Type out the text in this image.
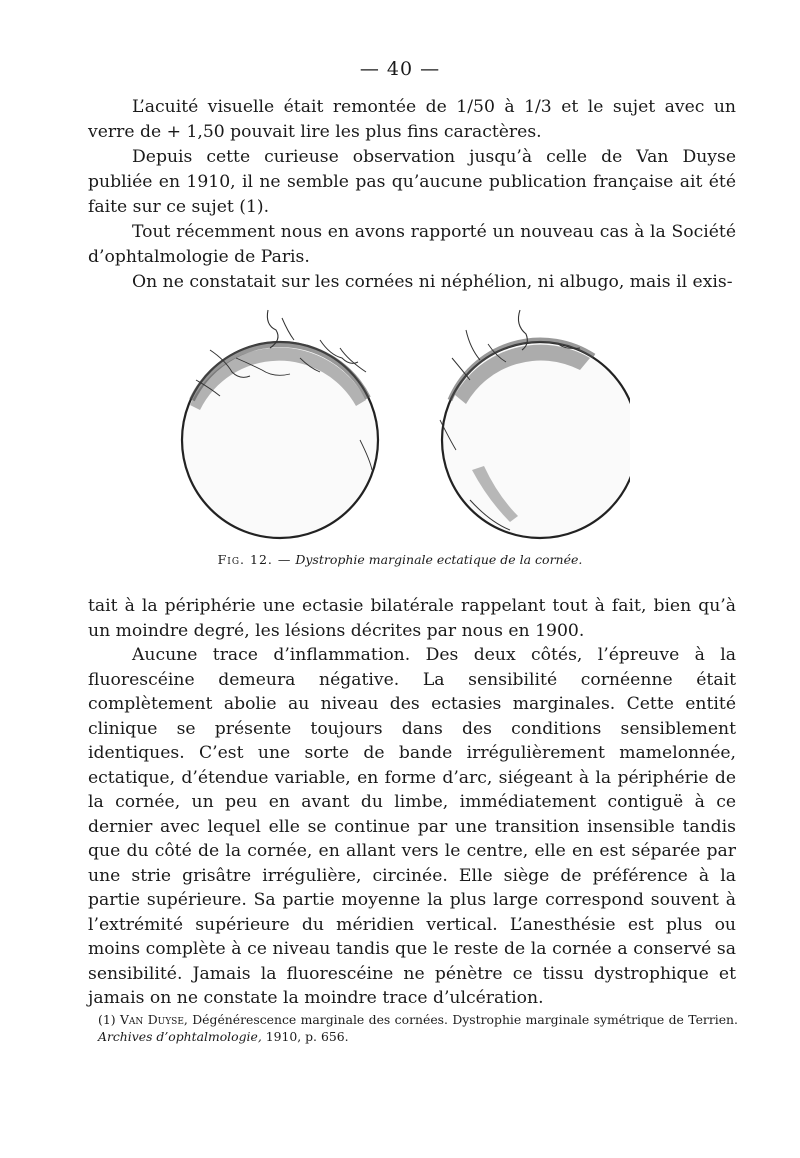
— 40 —

L’acuité visuelle était remontée de 1/50 à 1/3 et le sujet avec un verre de + 1,50 pouvait lire les plus fins caractères.

Depuis cette curieuse observation jusqu’à celle de Van Duyse publiée en 1910, il ne semble pas qu’aucune publication française ait été faite sur ce sujet (1).

Tout récemment nous en avons rapporté un nouveau cas à la Société d’ophtalmologie de Paris.

On ne constatait sur les cornées ni néphélion, ni albugo, mais il exis-

Fig. 12. — Dystrophie marginale ectatique de la cornée.

tait à la périphérie une ectasie bilatérale rappelant tout à fait, bien qu’à un moindre degré, les lésions décrites par nous en 1900.

Aucune trace d’inflammation. Des deux côtés, l’épreuve à la fluorescéine demeura négative. La sensibilité cornéenne était complètement abolie au niveau des ectasies marginales. Cette entité clinique se présente toujours dans des conditions sensiblement identiques. C’est une sorte de bande irrégulièrement mamelonnée, ectatique, d’étendue variable, en forme d’arc, siégeant à la périphérie de la cornée, un peu en avant du limbe, immédiatement contiguë à ce dernier avec lequel elle se continue par une transition insensible tandis que du côté de la cornée, en allant vers le centre, elle en est séparée par une strie grisâtre irrégulière, circinée. Elle siège de préférence à la partie supérieure. Sa partie moyenne la plus large correspond souvent à l’extrémité supérieure du méridien vertical. L’anesthésie est plus ou moins complète à ce niveau tandis que le reste de la cornée a conservé sa sensibilité. Jamais la fluorescéine ne pénètre ce tissu dystrophique et jamais on ne constate la moindre trace d’ulcération.

(1) Van Duyse, Dégénérescence marginale des cornées. Dystrophie marginale symétrique de Terrien. Archives d’ophtalmologie, 1910, p. 656.
